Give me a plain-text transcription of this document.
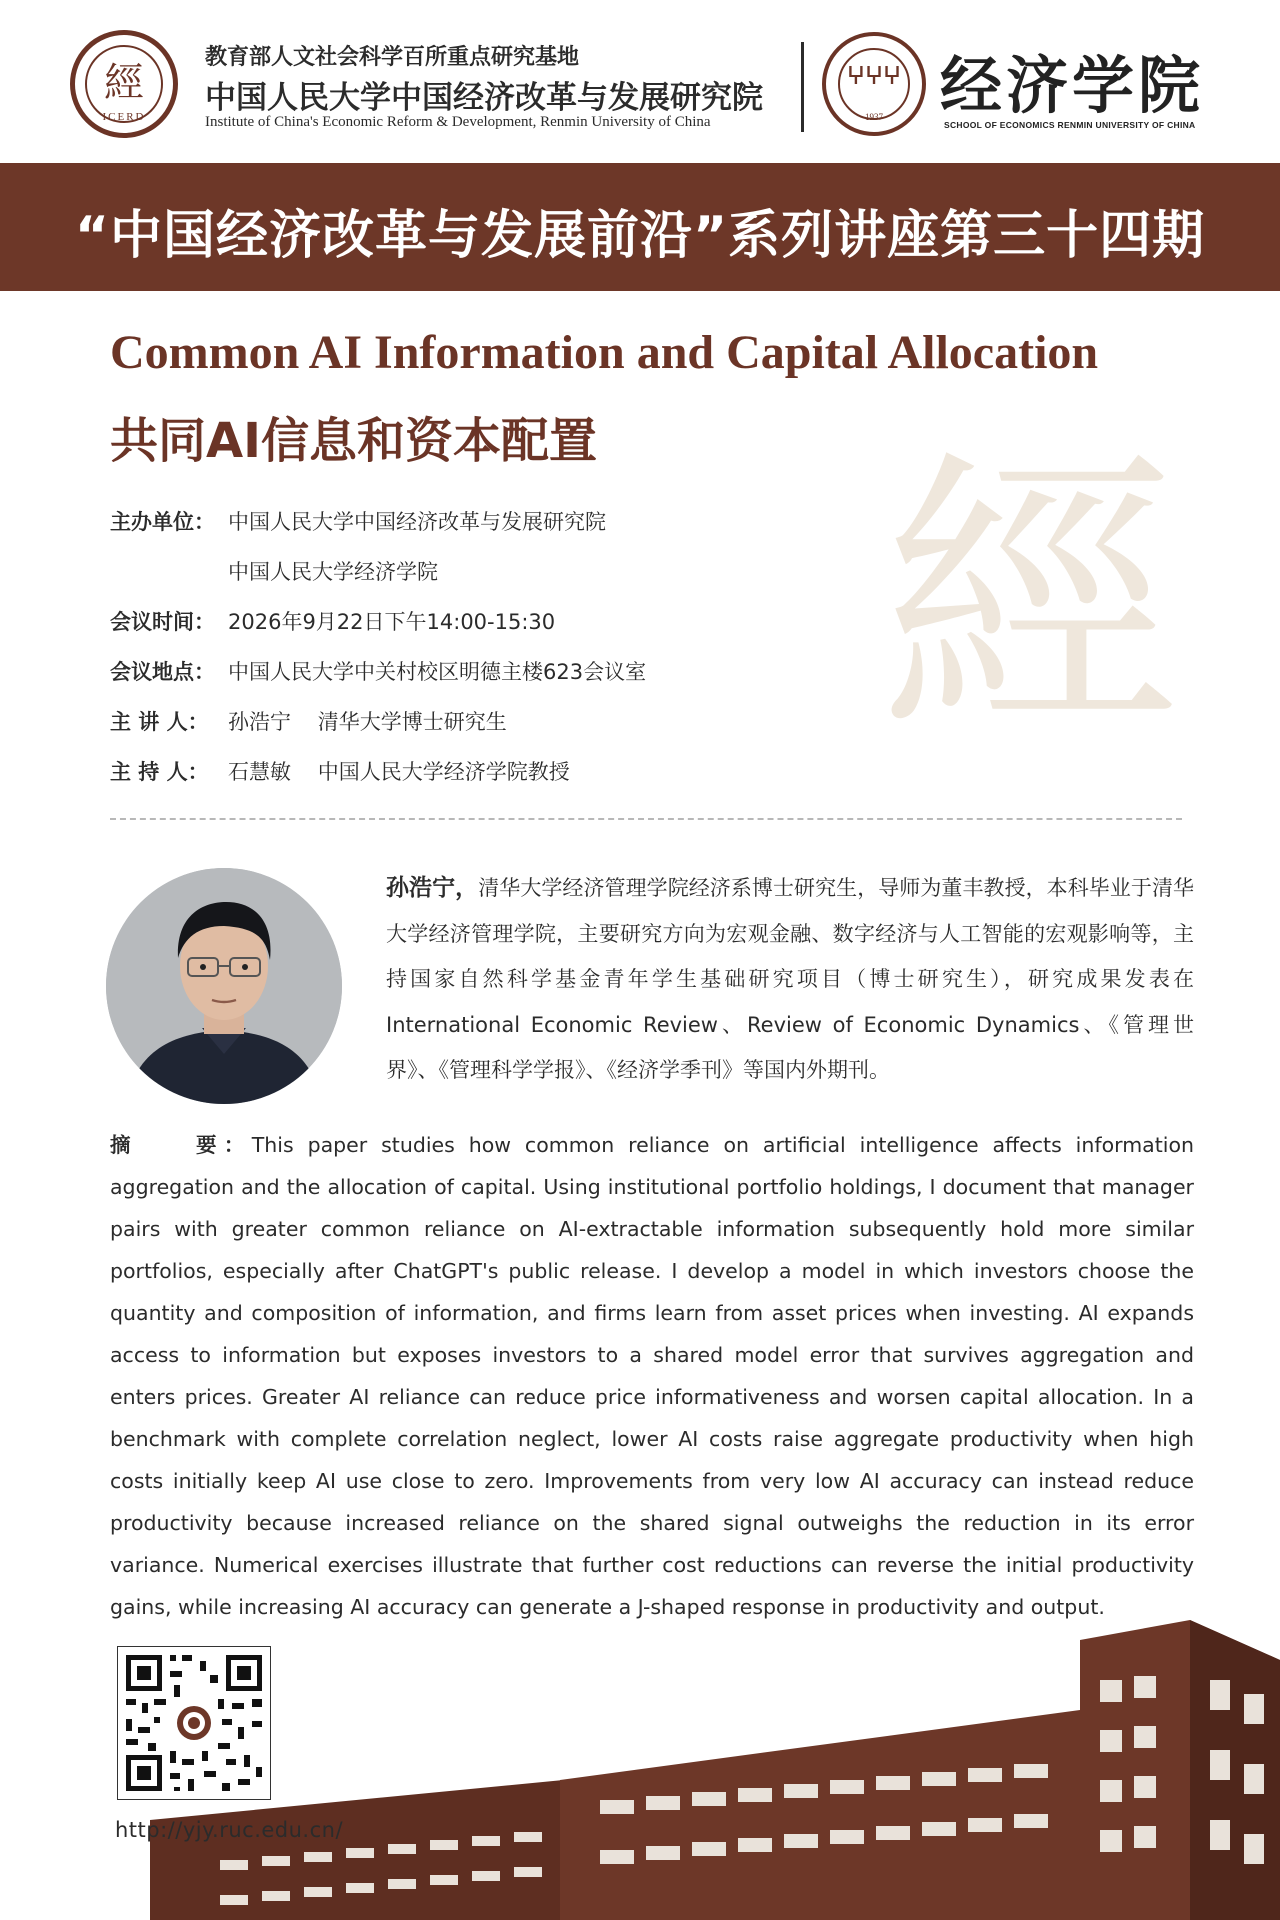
經
ICERD
教育部人文社会科学百所重点研究基地
中国人民大学中国经济改革与发展研究院
Institute of China's Economic Reform & Development, Renmin University of China
ⵖⵖⵖ
1937 经济学院
SCHOOL OF ECONOMICS RENMIN UNIVERSITY OF CHINA
“中国经济改革与发展前沿”系列讲座第三十四期
經
Common AI Information and Capital Allocation
共同AI信息和资本配置
主办单位： 中国人民大学中国经济改革与发展研究院
中国人民大学经济学院
会议时间： 2026年9月22日下午14:00-15:30
会议地点： 中国人民大学中关村校区明德主楼623会议室
主 讲 人： 孙浩宁    清华大学博士研究生
主 持 人： 石慧敏    中国人民大学经济学院教授
孙浩宁，清华大学经济管理学院经济系博士研究生，导师为董丰教授，本科毕业于清华大学经济管理学院，主要研究方向为宏观金融、数字经济与人工智能的宏观影响等，主持国家自然科学基金青年学生基础研究项目（博士研究生），研究成果发表在International Economic Review、Review of Economic Dynamics、《管理世界》、《管理科学学报》、《经济学季刊》等国内外期刊。
摘    要：This paper studies how common reliance on artificial intelligence affects information aggregation and the allocation of capital. Using institutional portfolio holdings, I document that manager pairs with greater common reliance on AI-extractable information subsequently hold more similar portfolios, especially after ChatGPT's public release. I develop a model in which investors choose the quantity and composition of information, and firms learn from asset prices when investing. AI expands access to information but exposes investors to a shared model error that survives aggregation and enters prices. Greater AI reliance can reduce price informativeness and worsen capital allocation. In a benchmark with complete correlation neglect, lower AI costs raise aggregate productivity when high costs initially keep AI use close to zero. Improvements from very low AI accuracy can instead reduce productivity because increased reliance on the shared signal outweighs the reduction in its error variance. Numerical exercises illustrate that further cost reductions can reverse the initial productivity gains, while increasing AI accuracy can generate a J-shaped response in productivity and output.
http://yjy.ruc.edu.cn/
